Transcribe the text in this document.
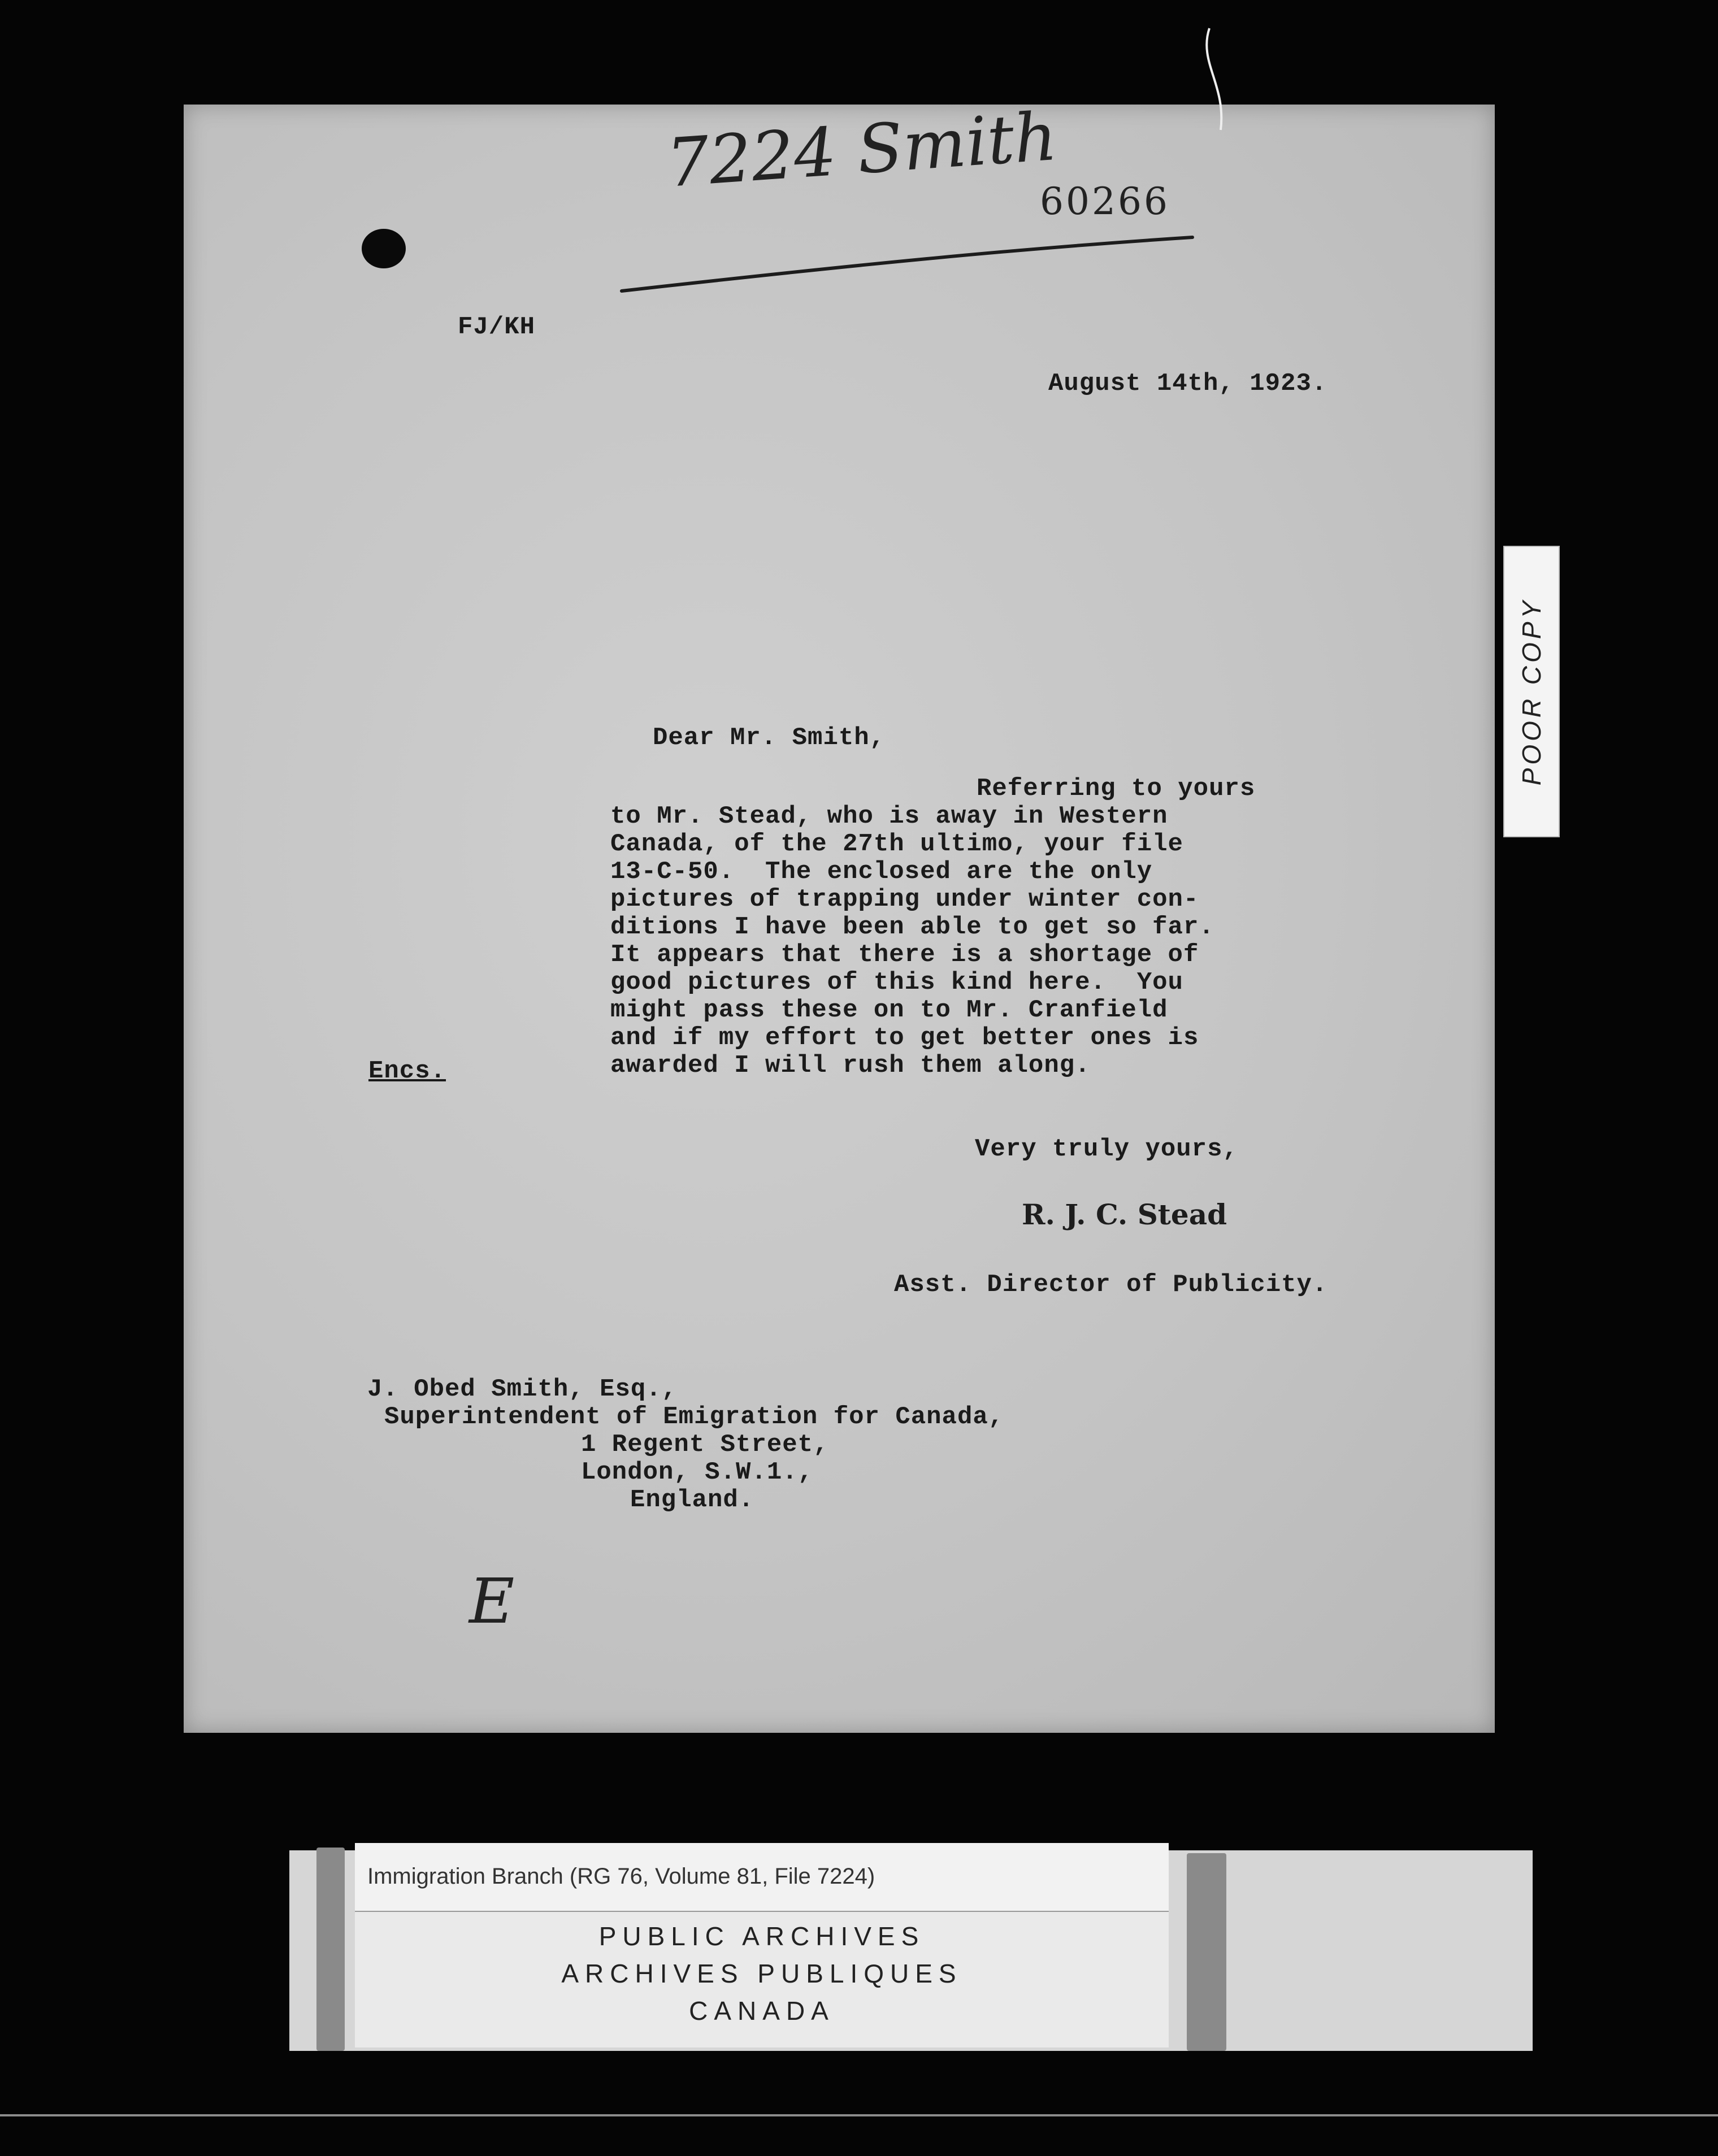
7224 Smith
60266
FJ/KH
August 14th, 1923.
Dear Mr. Smith,
Referring to yours
to Mr. Stead, who is away in Western
Canada, of the 27th ultimo, your file
13-C-50.  The enclosed are the only
pictures of trapping under winter con-
ditions I have been able to get so far.
It appears that there is a shortage of
good pictures of this kind here.  You
might pass these on to Mr. Cranfield
and if my effort to get better ones is
awarded I will rush them along.
Encs.
Very truly yours,
R. J. C. Stead
Asst. Director of Publicity.
J. Obed Smith, Esq.,
Superintendent of Emigration for Canada,
1 Regent Street,
London, S.W.1.,
England.
E
POOR COPY
Immigration Branch (RG 76, Volume 81, File 7224)
PUBLIC ARCHIVES
ARCHIVES PUBLIQUES
CANADA
